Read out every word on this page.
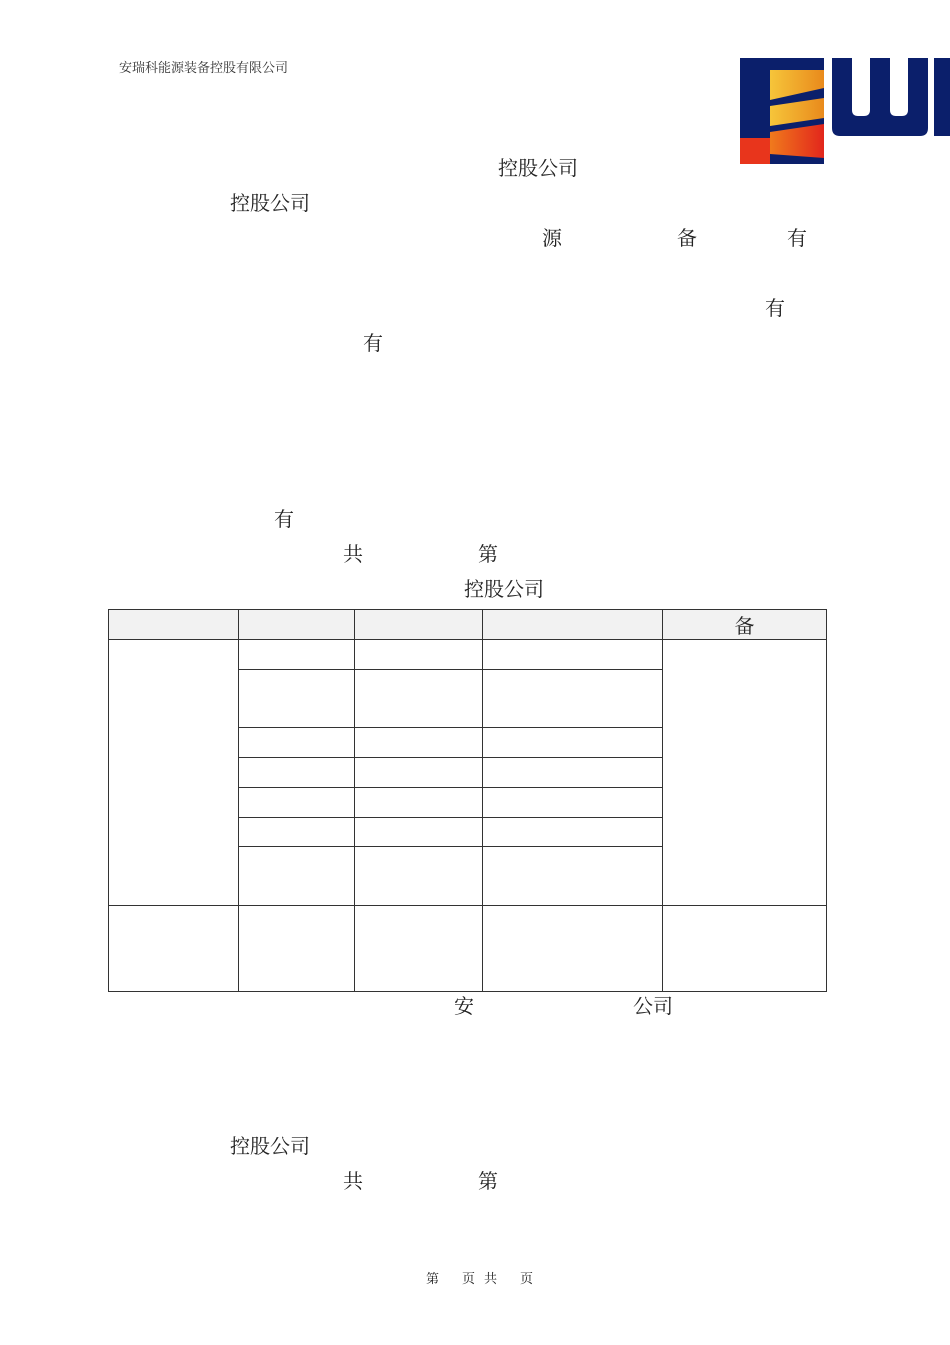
安瑞科能源装备控股有限公司
控股公司
控股公司
源	备	有
有
有
有
共	第
控股公司
				备

安	公司
控股公司
共	第
第 页 共 页
